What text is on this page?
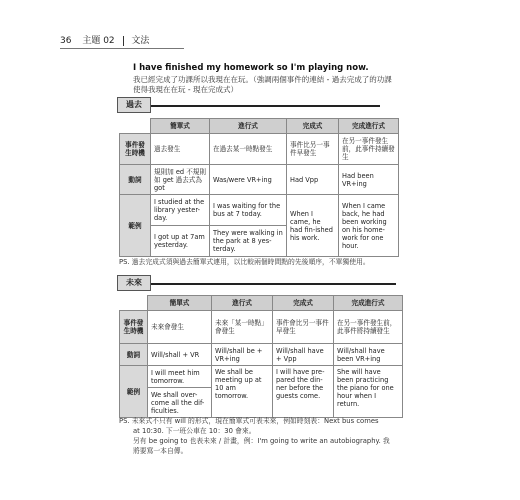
36 主題 02 文法
I have finished my homework so I'm playing now.
我已經完成了功課所以我現在在玩。（強調兩個事件的連結 - 過去完成了的功課
使得我現在在玩 - 現在完成式）
過去
	簡單式	進行式	完成式	完成進行式
事件發生時機	過去發生	在過去某一時點發生	事件比另一事件早發生	在另一事件發生前，此事件持續發生
動詞	規則加 ed 不規則如 get 過去式為 got	Was/were VR+ing	Had Vpp	Had been VR+ing
範例	I studied at the library yester-day.	I was waiting for the bus at 7 today.	When I came, he had fin-ished his work.	When I came back, he had been working on his home-work for one hour.
	I got up at 7am yesterday.	They were walking in the park at 8 yes-terday.		
PS. 過去完成式須與過去簡單式連用，以比較兩個時間點的先後順序，不單獨使用。
未來
	簡單式	進行式	完成式	完成進行式
事件發生時機	未來會發生	未來「某一時點」會發生	事件會比另一事件早發生	在另一事件發生前，此事件將持續發生
動詞	Will/shall + VR	Will/shall be + VR+ing	Will/shall have + Vpp	Will/shall have been VR+ing
範例	I will meet him tomorrow.	We shall be meeting up at 10 am tomorrow.	I will have pre-pared the din-ner before the guests come.	She will have been practicing the piano for one hour when I return.
	We shall over-come all the dif-ficulties.			
PS. 未來式不只有 will 的形式，現在簡單式可表未來，例如時刻表：Next bus comes
at 10:30. 下一班公車在 10：30 會來。
另有 be going to 也表未來 / 計畫，例：I'm going to write an autobiography. 我
將要寫一本自傳。
